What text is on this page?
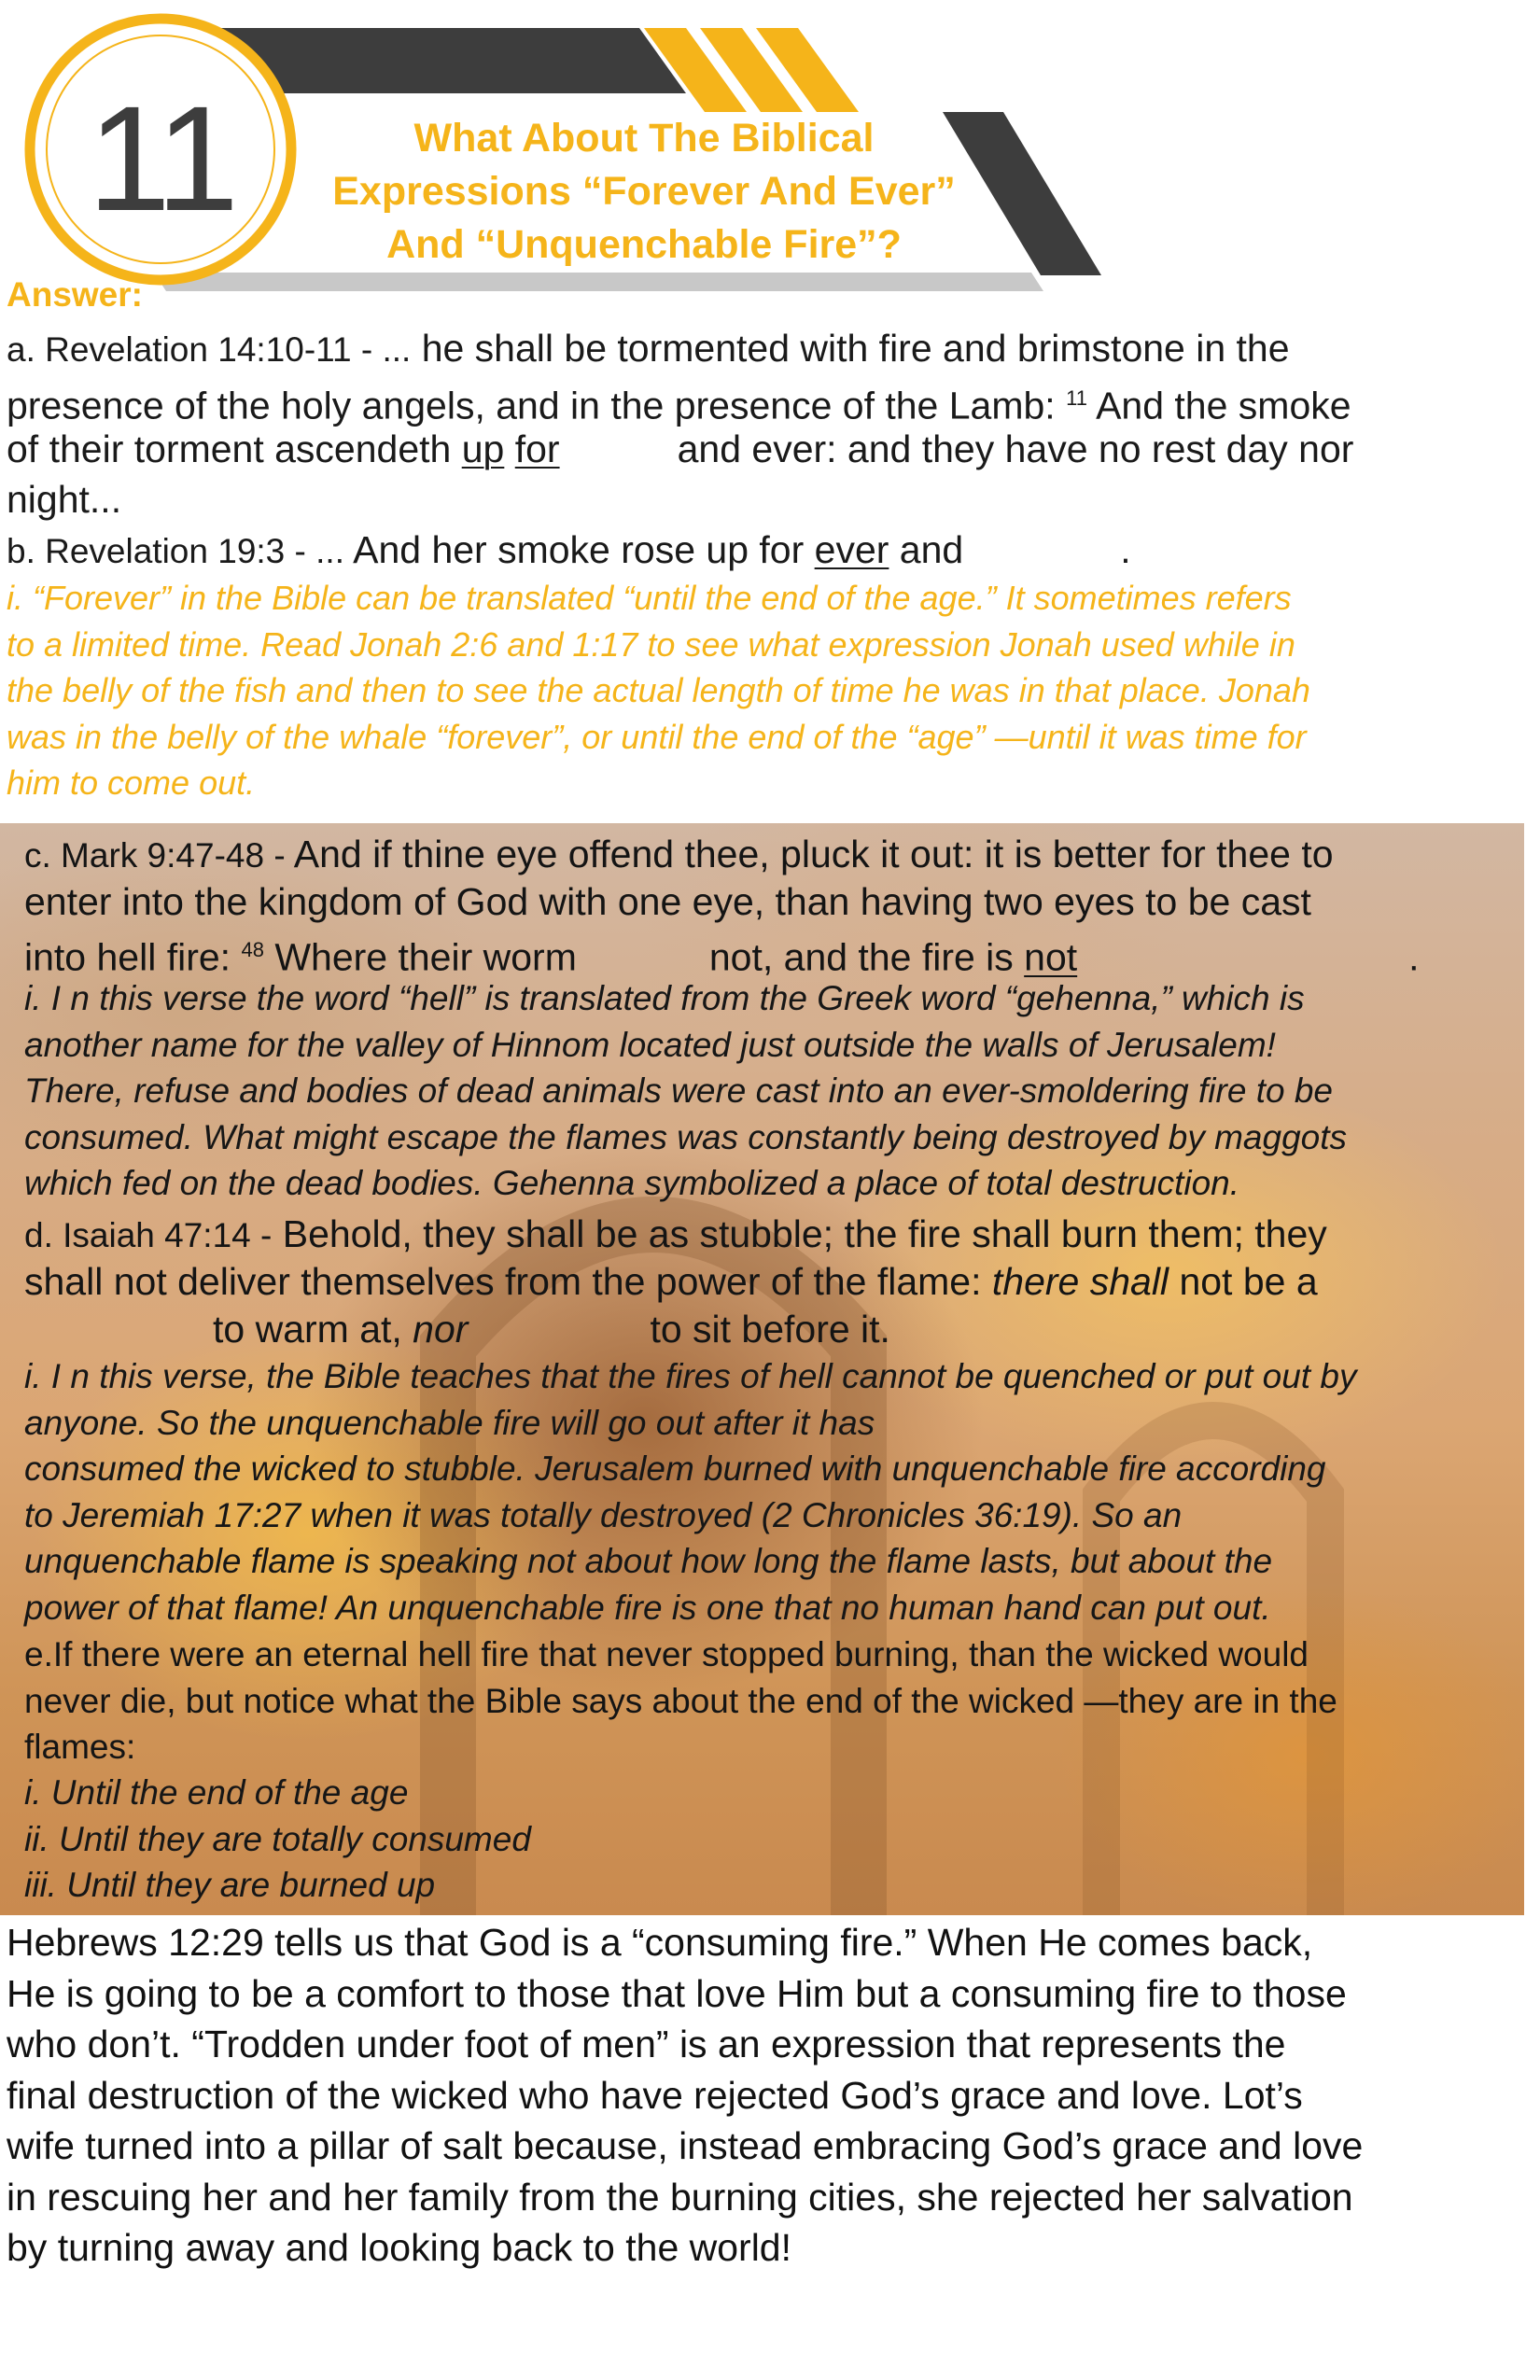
11	What About The Biblical
Expressions “Forever And Ever”
And “Unquenchable Fire”?
Answer:
a. Revelation 14:10-11 - ... he shall be tormented with fire and brimstone in the
presence of the holy angels, and in the presence of the Lamb: $^{11}$ And the smoke
of their torment ascendeth up for	and ever: and they have no rest day nor
night...
b. Revelation 19:3 - ... And her smoke rose up for ever and	.
i. “Forever” in the Bible can be translated “until the end of the age.” It sometimes refers
to a limited time. Read Jonah 2:6 and 1:17 to see what expression Jonah used while in
the belly of the fish and then to see the actual length of time he was in that place. Jonah
was in the belly of the whale “forever”, or until the end of the “age” —until it was time for
him to come out.
c. Mark 9:47-48 - And if thine eye offend thee, pluck it out: it is better for thee to
enter into the kingdom of God with one eye, than having two eyes to be cast
into hell fire: $^{48}$ Where their worm	not, and the fire is not	.
i. I n this verse the word “hell” is translated from the Greek word “gehenna,” which is
another name for the valley of Hinnom located just outside the walls of Jerusalem!
There, refuse and bodies of dead animals were cast into an ever-smoldering fire to be
consumed. What might escape the flames was constantly being destroyed by maggots
which fed on the dead bodies. Gehenna symbolized a place of total destruction.
d. Isaiah 47:14 - Behold, they shall be as stubble; the fire shall burn them; they
shall not deliver themselves from the power of the flame: there shall not be a
to warm at, nor	to sit before it.
i. I n this verse, the Bible teaches that the fires of hell cannot be quenched or put out by
anyone. So the unquenchable fire will go out after it has
consumed the wicked to stubble. Jerusalem burned with unquenchable fire according
to Jeremiah 17:27 when it was totally destroyed (2 Chronicles 36:19). So an
unquenchable flame is speaking not about how long the flame lasts, but about the
power of that flame! An unquenchable fire is one that no human hand can put out.
e.If there were an eternal hell fire that never stopped burning, than the wicked would
never die, but notice what the Bible says about the end of the wicked —they are in the
flames:
i. Until the end of the age
ii. Until they are totally consumed
iii. Until they are burned up
Hebrews 12:29 tells us that God is a “consuming fire.” When He comes back,
He is going to be a comfort to those that love Him but a consuming fire to those
who don’t. “Trodden under foot of men” is an expression that represents the
final destruction of the wicked who have rejected God’s grace and love. Lot’s
wife turned into a pillar of salt because, instead embracing God’s grace and love
in rescuing her and her family from the burning cities, she rejected her salvation
by turning away and looking back to the world!
